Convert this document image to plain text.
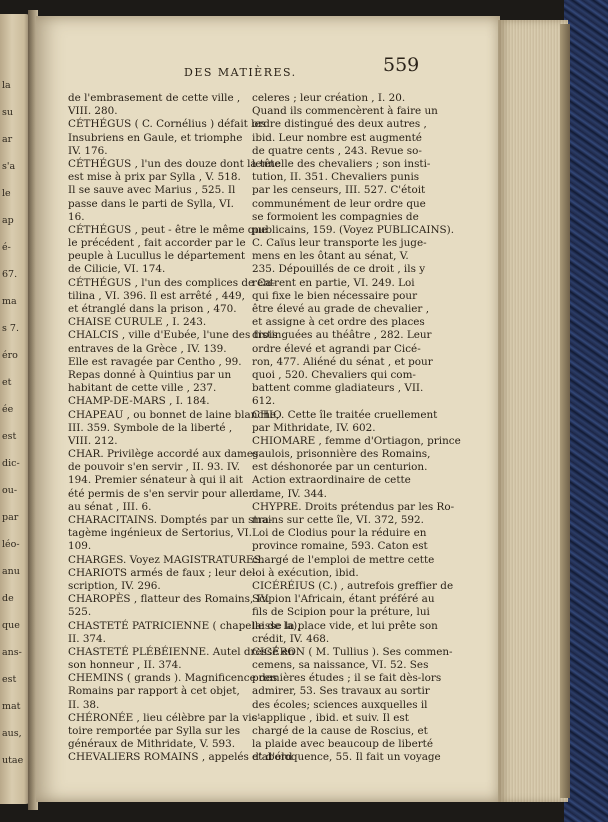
la
su
ar
s'a
le
ap
é-
67.
ma
s 7.
éro
et
ée
est
dic-
ou-
par
léo-
anu
de
que
ans-
est
mat
aus,
utae
DES MATIÈRES.	559
de l'embrasement de cette ville ,
VIII. 280.
CÉTHÉGUS ( C. Cornélius ) défait les
Insubriens en Gaule, et triomphe
IV. 176.
CÉTHÉGUS , l'un des douze dont la tête
est mise à prix par Sylla , V. 518.
Il se sauve avec Marius , 525. Il
passe dans le parti de Sylla, VI.
16.
CÉTHÉGUS , peut - être le même que
le précédent , fait accorder par le
peuple à Lucullus le département
de Cilicie, VI. 174.
CÉTHÉGUS , l'un des complices de Ca-
tilina , VI. 396. Il est arrêté , 449,
et étranglé dans la prison , 470.
CHAISE CURULE , I. 243.
CHALCIS , ville d'Eubée, l'une des trois
entraves de la Grèce , IV. 139.
Elle est ravagée par Centho , 99.
Repas donné à Quintius par un
habitant de cette ville , 237.
CHAMP-DE-MARS , I. 184.
CHAPEAU , ou bonnet de laine blanche,
III. 359. Symbole de la liberté ,
VIII. 212.
CHAR. Privilège accordé aux dames
de pouvoir s'en servir , II. 93. IV.
194. Premier sénateur à qui il ait
été permis de s'en servir pour aller
au sénat , III. 6.
CHARACITAINS. Domptés par un stra-
tagème ingénieux de Sertorius, VI.
109.
CHARGES. Voyez MAGISTRATURES.
CHARIOTS armés de faux ; leur de-
scription, IV. 296.
CHAROPÈS , flatteur des Romains, IV.
525.
CHASTETÉ PATRICIENNE ( chapelle de la),
II. 374.
CHASTETÉ PLÉBÉIENNE. Autel dressé en
son honneur , II. 374.
CHEMINS ( grands ). Magnificence des
Romains par rapport à cet objet,
II. 38.
CHÉRONÉE , lieu célèbre par la vic-
toire remportée par Sylla sur les
généraux de Mithridate, V. 593.
CHEVALIERS ROMAINS , appelés d'abord
celeres ; leur création , I. 20.
Quand ils commencèrent à faire un
ordre distingué des deux autres ,
ibid. Leur nombre est augmenté
de quatre cents , 243. Revue so-
lennelle des chevaliers ; son insti-
tution, II. 351. Chevaliers punis
par les censeurs, III. 527. C'étoit
communément de leur ordre que
se formoient les compagnies de
publicains, 159. (Voyez PUBLICAINS).
C. Caïus leur transporte les juge-
mens en les ôtant au sénat, V.
235. Dépouillés de ce droit , ils y
rentrent en partie, VI. 249. Loi
qui fixe le bien nécessaire pour
être élevé au grade de chevalier ,
et assigne à cet ordre des places
distinguées au théâtre , 282. Leur
ordre élevé et agrandi par Cicé-
ron, 477. Aliéné du sénat , et pour
quoi , 520. Chevaliers qui com-
battent comme gladiateurs , VII.
612.
CHIO. Cette île traitée cruellement
par Mithridate, IV. 602.
CHIOMARE , femme d'Ortiagon, prince
gaulois, prisonnière des Romains,
est déshonorée par un centurion.
Action extraordinaire de cette
dame, IV. 344.
CHYPRE. Droits prétendus par les Ro-
mains sur cette île, VI. 372, 592.
Loi de Clodius pour la réduire en
province romaine, 593. Caton est
chargé de l'emploi de mettre cette
loi à exécution, ibid.
CICÉRÉIUS (C.) , autrefois greffier de
Scipion l'Africain, étant préféré au
fils de Scipion pour la préture, lui
laisse la place vide, et lui prête son
crédit, IV. 468.
CICÉRON ( M. Tullius ). Ses commen-
cemens, sa naissance, VI. 52. Ses
premières études ; il se fait dès-lors
admirer, 53. Ses travaux au sortir
des écoles; sciences auxquelles il
s'applique , ibid. et suiv. Il est
chargé de la cause de Roscius, et
la plaide avec beaucoup de liberté
et d'éloquence, 55. Il fait un voyage
